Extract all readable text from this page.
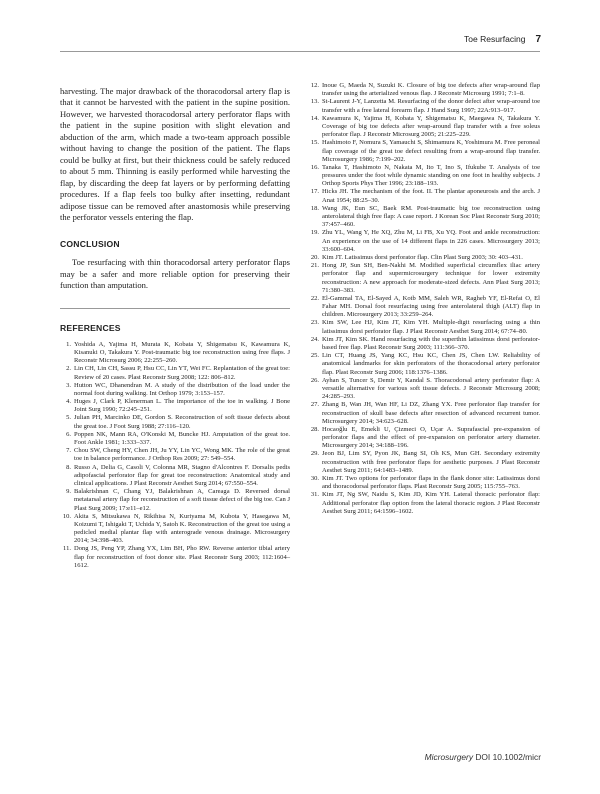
Toe Resurfacing 7

harvesting. The major drawback of the thoracodorsal artery flap is that it cannot be harvested with the patient in the supine position. However, we harvested thoracodorsal artery perforator flaps with the patient in the supine position with slight elevation and abduction of the arm, which made a two-team approach possible without having to change the position of the patient. The flaps could be bulky at first, but their thickness could be safely reduced to about 5 mm. Thinning is easily performed while harvesting the flap, by discarding the deep fat layers or by performing defatting procedures. If a flap feels too bulky after insetting, redundant adipose tissue can be removed after anastomosis while preserving the perforator vessels entering the flap.

CONCLUSION

Toe resurfacing with thin thoracodorsal artery perforator flaps may be a safer and more reliable option for preserving their function than amputation.

REFERENCES
1. Yoshida A, Yajima H, Murata K, Kobata Y, Shigematsu K, Kawamura K, Kisanuki O, Takakura Y. Post-traumatic big toe reconstruction using free flaps. J Reconstr Microsurg 2006; 22:255–260.
2. Lin CH, Lin CH, Sassu P, Hsu CC, Lin YT, Wei FC. Replantation of the great toe: Review of 20 cases. Plast Reconstr Surg 2008; 122: 806–812.
3. Hutton WC, Dhanendran M. A study of the distribution of the load under the normal foot during walking. Int Orthop 1979; 3:153–157.
4. Huges J, Clark P, Klenerman L. The importance of the toe in walking. J Bone Joint Surg 1990; 72:245–251.
5. Julian PH, Marcinko DE, Gordon S. Reconstruction of soft tissue defects about the great toe. J Foot Surg 1988; 27:116–120.
6. Poppen NK, Mann RA, O'Konski M, Buncke HJ. Amputation of the great toe. Foot Ankle 1981; 1:333–337.
7. Chou SW, Cheng HY, Chen JH, Ju YY, Lin YC, Wong MK. The role of the great toe in balance performance. J Orthop Res 2009; 27: 549–554.
8. Russo A, Delia G, Casoli V, Colonna MR, Stagno d'Alcontres F. Dorsalis pedis adipofascial perforator flap for great toe reconstruction: Anatomical study and clinical applications. J Plast Reconstr Aesthet Surg 2014; 67:550–554.
9. Balakrishnan C, Chang YJ, Balakrishnan A, Careaga D. Reversed dorsal metatarsal artery flap for reconstruction of a soft tissue defect of the big toe. Can J Plast Surg 2009; 17:e11–e12.
10. Akita S, Mitsukawa N, Rikihisa N, Kuriyama M, Kubota Y, Hasegawa M, Koizumi T, Ishigaki T, Uchida Y, Satoh K. Reconstruction of the great toe using a pedicled medial plantar flap with anterograde venous drainage. Microsurgery 2014; 34:398–403.
11. Dong JS, Peng YP, Zhang YX, Lim BH, Pho RW. Reverse anterior tibial artery flap for reconstruction of foot donor site. Plast Reconstr Surg 2003; 112:1604–1612.
12. Inoue G, Maeda N, Suzuki K. Closure of big toe defects after wrap-around flap transfer using the arterialized venous flap. J Reconstr Microsurg 1991; 7:1–8.
13. St-Laurent J-Y, Lanzetta M. Resurfacing of the donor defect after wrap-around toe transfer with a free lateral forearm flap. J Hand Surg 1997; 22A:913–917.
14. Kawamura K, Yajima H, Kobata Y, Shigematsu K, Maegawa N, Takakura Y. Coverage of big toe defects after wrap-around flap transfer with a free soleus perforator flap. J Reconstr Microsurg 2005; 21:225–229.
15. Hashimoto F, Nomura S, Yamauchi S, Shimamura K, Yoshimura M. Free peroneal flap coverage of the great toe defect resulting from a wrap-around flap transfer. Microsurgery 1986; 7:199–202.
16. Tanaka T, Hashimoto N, Nakata M, Ito T, Ino S, Ifukube T. Analysis of toe pressures under the foot while dynamic standing on one foot in healthy subjects. J Orthop Sports Phys Ther 1996; 23:188–193.
17. Hicks JH. The mechanism of the foot. II. The plantar aponeurosis and the arch. J Anat 1954; 88:25–30.
18. Wang JK, Eun SC, Baek RM. Post-traumatic big toe reconstruction using anterolateral thigh free flap: A case report. J Korean Soc Plast Reconstr Surg 2010; 37:457–460.
19. Zhu YL, Wang Y, He XQ, Zhu M, Li FB, Xu YQ. Foot and ankle reconstruction: An experience on the use of 14 different flaps in 226 cases. Microsurgery 2013; 33:600–604.
20. Kim JT. Latissimus dorsi perforator flap. Clin Plast Surg 2003; 30: 403–431.
21. Hong JP, Sun SH, Ben-Nakhi M. Modified superficial circumflex iliac artery perforator flap and supermicrosurgery technique for lower extremity reconstruction: A new approach for moderate-sized defects. Ann Plast Surg 2013; 71:380–383.
22. El-Gammal TA, El-Sayed A, Kotb MM, Saleh WR, Ragheb YF, El-Refai O, El Fahar MH. Dorsal foot resurfacing using free anterolateral thigh (ALT) flap in children. Microsurgery 2013; 33:259–264.
23. Kim SW, Lee HJ, Kim JT, Kim YH. Multiple-digit resurfacing using a thin latissimus dorsi perforator flap. J Plast Reconstr Aesthet Surg 2014; 67:74–80.
24. Kim JT, Kim SK. Hand resurfacing with the superthin latissimus dorsi perforator-based free flap. Plast Reconstr Surg 2003; 111:366–370.
25. Lin CT, Huang JS, Yang KC, Hsu KC, Chen JS, Chen LW. Reliability of anatomical landmarks for skin perforators of the thoracodorsal artery perforator flap. Plast Reconstr Surg 2006; 118:1376–1386.
26. Ayhan S, Tuncer S, Demir Y, Kandal S. Thoracodorsal artery perforator flap: A versatile alternative for various soft tissue defects. J Reconstr Microsurg 2008; 24:285–293.
27. Zhang B, Wan JH, Wan HF, Li DZ, Zhang YX. Free perforator flap transfer for reconstruction of skull base defects after resection of advanced recurrent tumor. Microsurgery 2014; 34:623–628.
28. Hocaoğlu E, Emekli U, Çizmeci O, Uçar A. Suprafascial pre-expansion of perforator flaps and the effect of pre-expansion on perforator artery diameter. Microsurgery 2014; 34:188–196.
29. Jeon BJ, Lim SY, Pyon JK, Bang SI, Oh KS, Mun GH. Secondary extremity reconstruction with free perforator flaps for aesthetic purposes. J Plast Reconstr Aesthet Surg 2011; 64:1483–1489.
30. Kim JT. Two options for perforator flaps in the flank donor site: Latissimus dorsi and thoracodorsal perforator flaps. Plast Reconstr Surg 2005; 115:755–763.
31. Kim JT, Ng SW, Naidu S, Kim JD, Kim YH. Lateral thoracic perforator flap: Additional perforator flap option from the lateral thoracic region. J Plast Reconstr Aesthet Surg 2011; 64:1596–1602.
Microsurgery DOI 10.1002/micr
